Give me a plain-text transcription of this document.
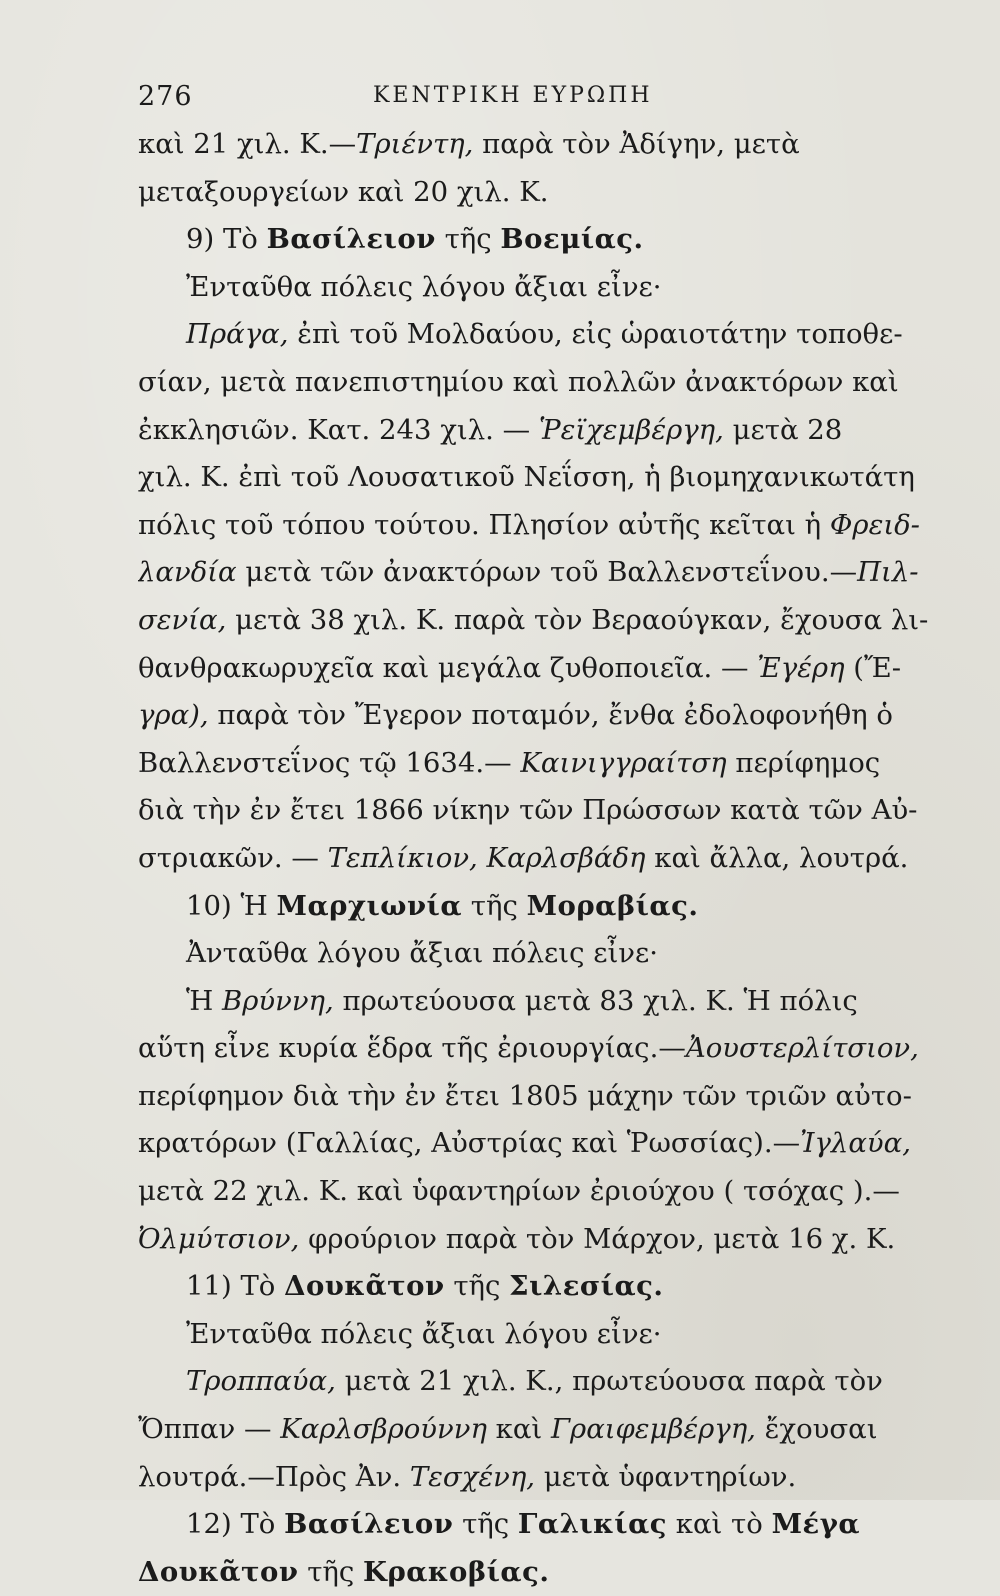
276	ΚΕΝΤΡΙΚΗ ΕΥΡΩΠΗ
καὶ 21 χιλ. Κ.—Τριέντη, παρὰ τὸν Ἀδίγην, μετὰ
μεταξουργείων καὶ 20 χιλ. Κ.
9) Τὸ Βασίλειον τῆς Βοεμίας.
Ἐνταῦθα πόλεις λόγου ἄξιαι εἶνε·
Πράγα, ἐπὶ τοῦ Μολδαύου, εἰς ὡραιοτάτην τοποθε-
σίαν, μετὰ πανεπιστημίου καὶ πολλῶν ἀνακτόρων καὶ
ἐκκλησιῶν. Κατ. 243 χιλ. — Ῥεϊχεμβέργη, μετὰ 28
χιλ. Κ. ἐπὶ τοῦ Λουσατικοῦ Νεΐσση, ἡ βιομηχανικωτάτη
πόλις τοῦ τόπου τούτου. Πλησίον αὐτῆς κεῖται ἡ Φρειδ-
λανδία μετὰ τῶν ἀνακτόρων τοῦ Βαλλενστεΐνου.—Πιλ-
σενία, μετὰ 38 χιλ. Κ. παρὰ τὸν Βεραούγκαν, ἔχουσα λι-
θανθρακωρυχεῖα καὶ μεγάλα ζυθοποιεῖα. — Ἐγέρη (Ἔ-
γρα), παρὰ τὸν Ἔγερον ποταμόν, ἔνθα ἐδολοφονήθη ὁ
Βαλλενστεΐνος τῷ 1634.— Καινιγγραίτση περίφημος
διὰ τὴν ἐν ἔτει 1866 νίκην τῶν Πρώσσων κατὰ τῶν Αὐ-
στριακῶν. — Τεπλίκιον, Καρλσβάδη καὶ ἄλλα, λουτρά.
10) Ἡ Μαρχιωνία τῆς Μοραβίας.
Ἀνταῦθα λόγου ἄξιαι πόλεις εἶνε·
Ἡ Βρύννη, πρωτεύουσα μετὰ 83 χιλ. Κ. Ἡ πόλις
αὕτη εἶνε κυρία ἕδρα τῆς ἐριουργίας.—Ἀουστερλίτσιον,
περίφημον διὰ τὴν ἐν ἔτει 1805 μάχην τῶν τριῶν αὐτο-
κρατόρων (Γαλλίας, Αὐστρίας καὶ Ῥωσσίας).—Ἰγλαύα,
μετὰ 22 χιλ. Κ. καὶ ὑφαντηρίων ἐριούχου ( τσόχας ).—
Ὀλμύτσιον, φρούριον παρὰ τὸν Μάρχον, μετὰ 16 χ. Κ.
11) Τὸ Δουκᾶτον τῆς Σιλεσίας.
Ἐνταῦθα πόλεις ἄξιαι λόγου εἶνε·
Τροππαύα, μετὰ 21 χιλ. Κ., πρωτεύουσα παρὰ τὸν
Ὄππαν — Καρλσβρούννη καὶ Γραιφεμβέργη, ἔχουσαι
λουτρά.—Πρὸς Ἀν. Τεσχένη, μετὰ ὑφαντηρίων.
12) Τὸ Βασίλειον τῆς Γαλικίας καὶ τὸ Μέγα
Δουκᾶτον τῆς Κρακοβίας.
